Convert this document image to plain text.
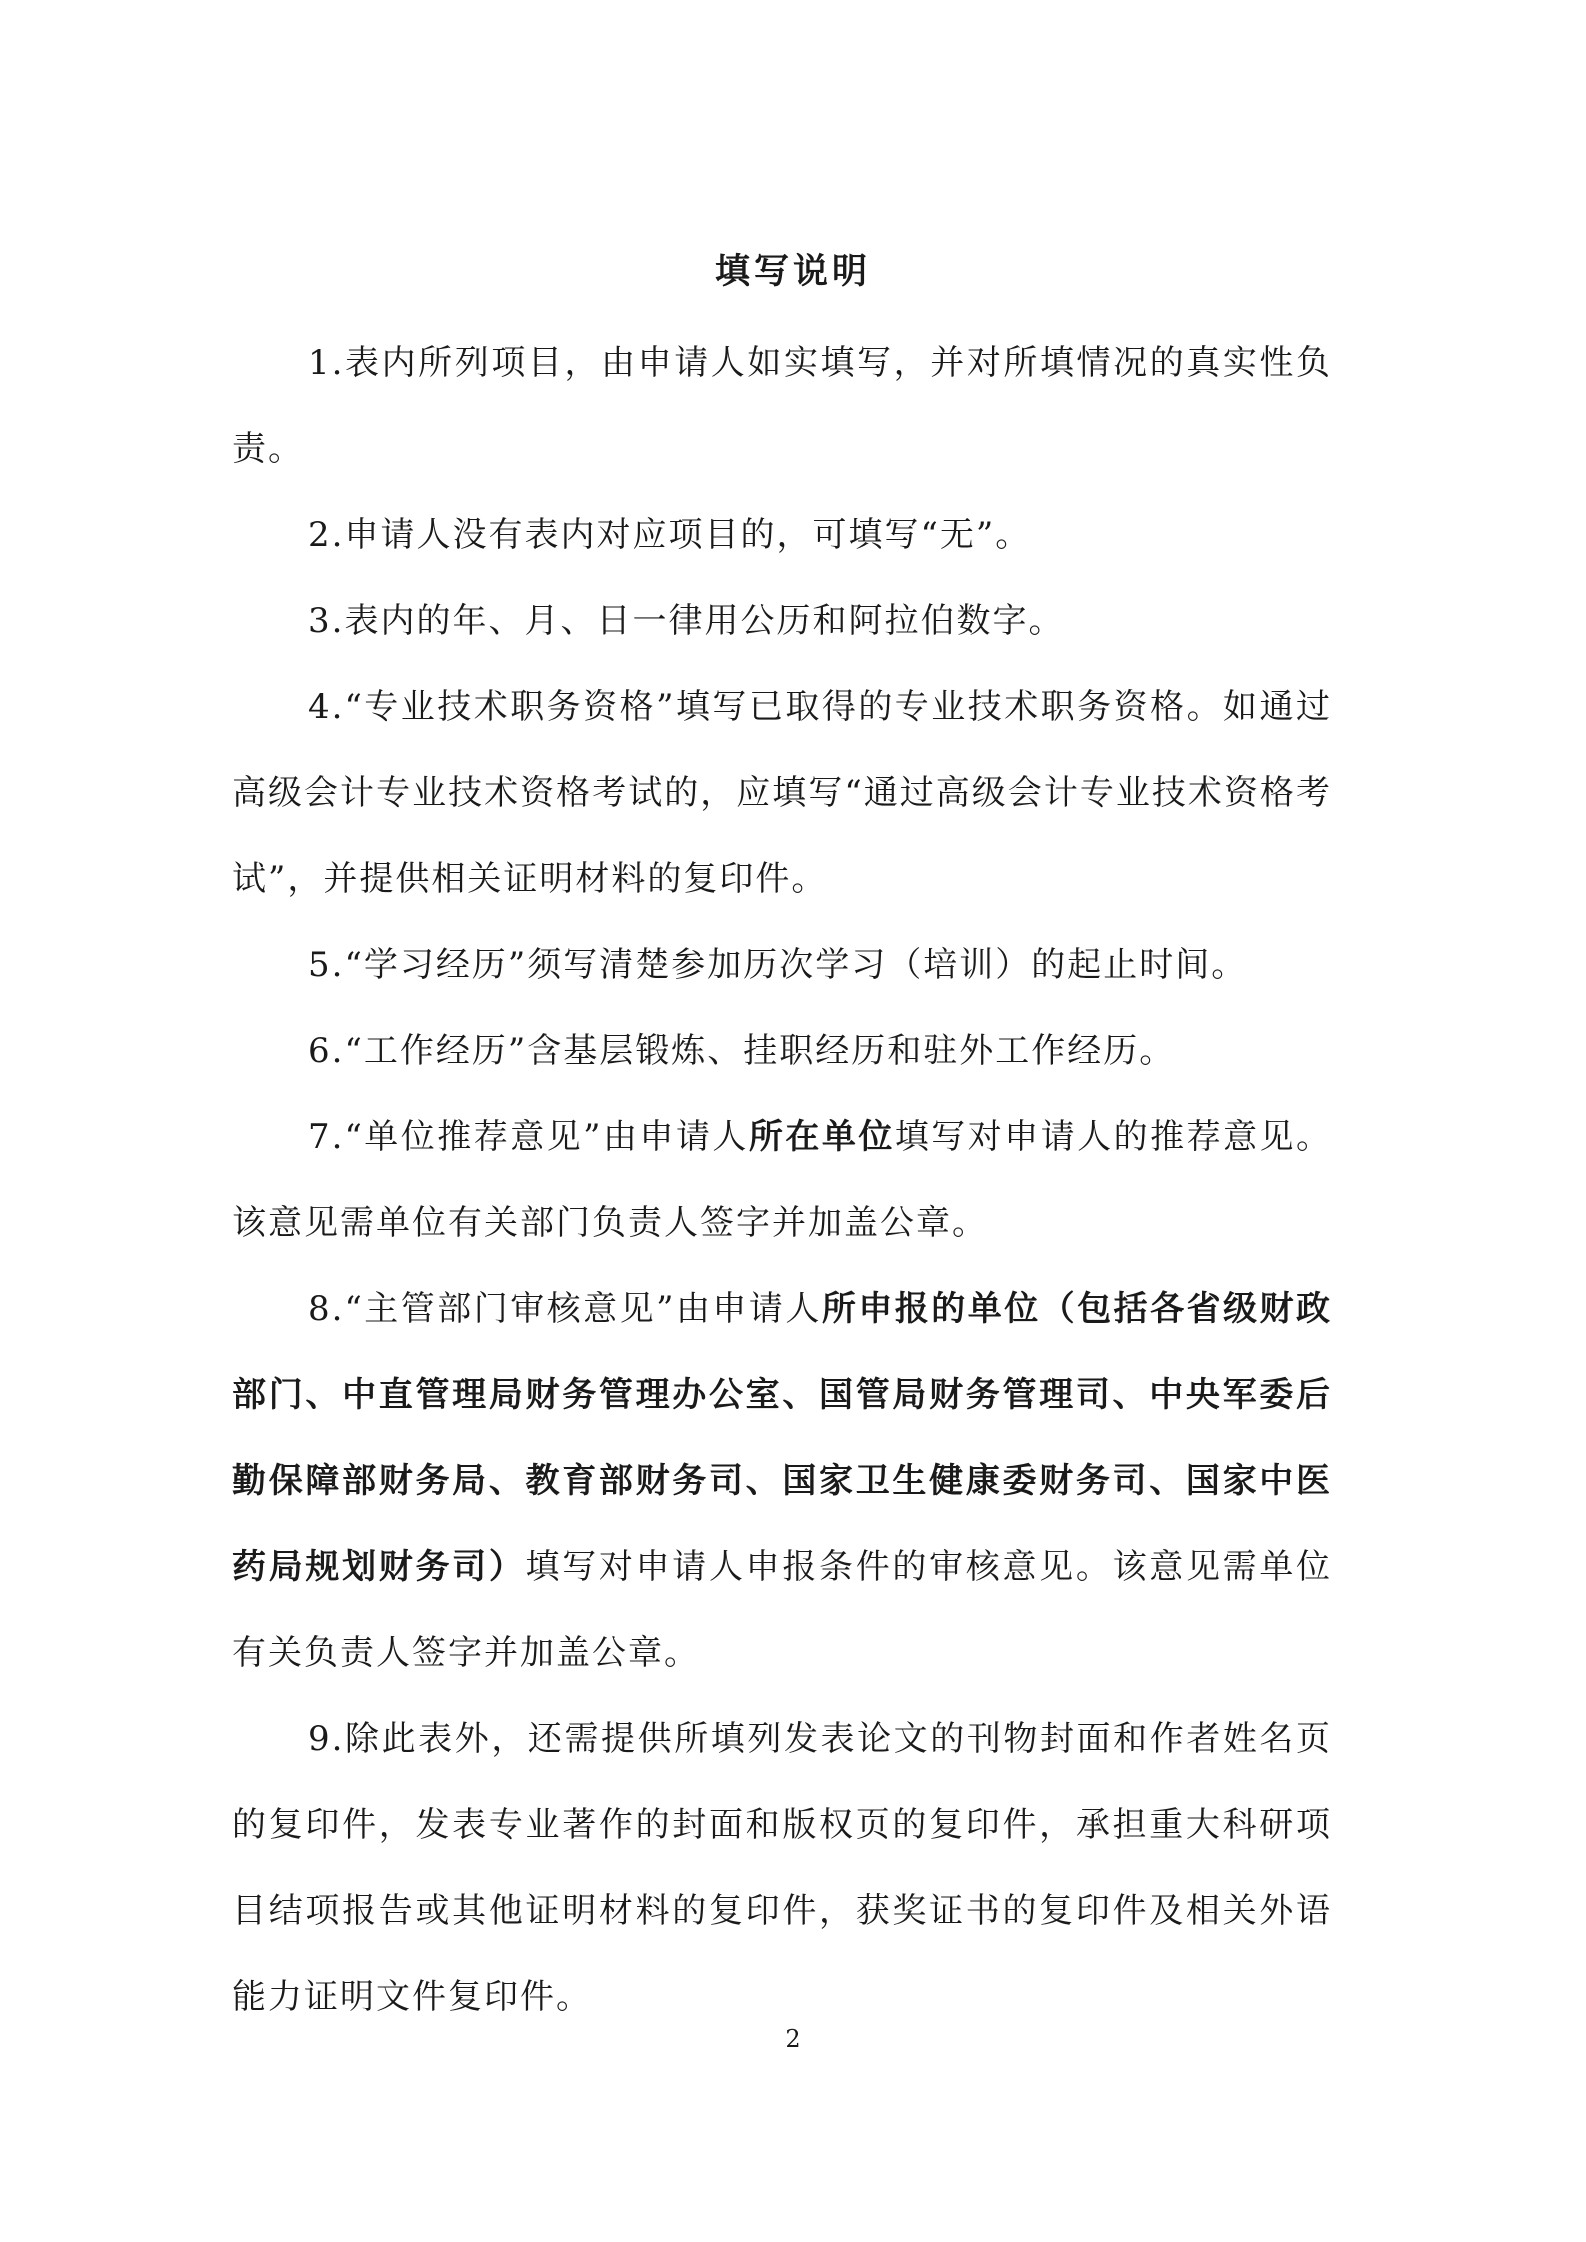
填写说明

1.表内所列项目，由申请人如实填写，并对所填情况的真实性负责。

2.申请人没有表内对应项目的，可填写“无”。

3.表内的年、月、日一律用公历和阿拉伯数字。

4.“专业技术职务资格”填写已取得的专业技术职务资格。如通过高级会计专业技术资格考试的，应填写“通过高级会计专业技术资格考试”，并提供相关证明材料的复印件。

5.“学习经历”须写清楚参加历次学习（培训）的起止时间。

6.“工作经历”含基层锻炼、挂职经历和驻外工作经历。

7.“单位推荐意见”由申请人所在单位填写对申请人的推荐意见。该意见需单位有关部门负责人签字并加盖公章。

8.“主管部门审核意见”由申请人所申报的单位（包括各省级财政部门、中直管理局财务管理办公室、国管局财务管理司、中央军委后勤保障部财务局、教育部财务司、国家卫生健康委财务司、国家中医药局规划财务司）填写对申请人申报条件的审核意见。该意见需单位有关负责人签字并加盖公章。

9.除此表外，还需提供所填列发表论文的刊物封面和作者姓名页的复印件，发表专业著作的封面和版权页的复印件，承担重大科研项目结项报告或其他证明材料的复印件，获奖证书的复印件及相关外语能力证明文件复印件。

2
